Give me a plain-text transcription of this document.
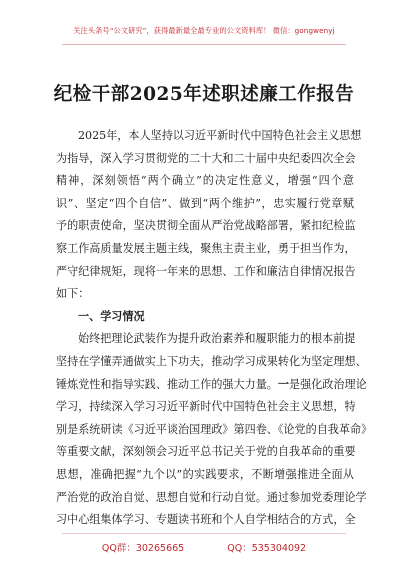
关注头条号“公文研究”，获得最新最全最专业的公文资料库！ 微信：gongwenyj
纪检干部2025年述职述廉工作报告
2025年，本人坚持以习近平新时代中国特色社会主义思想
为指导，深入学习贯彻党的二十大和二十届中央纪委四次全会
精神，深刻领悟“两个确立”的决定性意义，增强“四个意
识”、坚定“四个自信”、做到“两个维护”，忠实履行党章赋
予的职责使命，坚决贯彻全面从严治党战略部署，紧扣纪检监
察工作高质量发展主题主线，聚焦主责主业，勇于担当作为，
严守纪律规矩，现将一年来的思想、工作和廉洁自律情况报告
如下：
一、学习情况
始终把理论武装作为提升政治素养和履职能力的根本前提
坚持在学懂弄通做实上下功夫，推动学习成果转化为坚定理想、
锤炼党性和指导实践、推动工作的强大力量。一是强化政治理论
学习，持续深入学习习近平新时代中国特色社会主义思想，特
别是系统研读《习近平谈治国理政》第四卷、《论党的自我革命》
等重要文献，深刻领会习近平总书记关于党的自我革命的重要
思想，准确把握“九个以”的实践要求，不断增强推进全面从
严治党的政治自觉、思想自觉和行动自觉。通过参加党委理论学
习中心组集体学习、专题读书班和个人自学相结合的方式，全
QQ群：30265665	QQ：535304092
